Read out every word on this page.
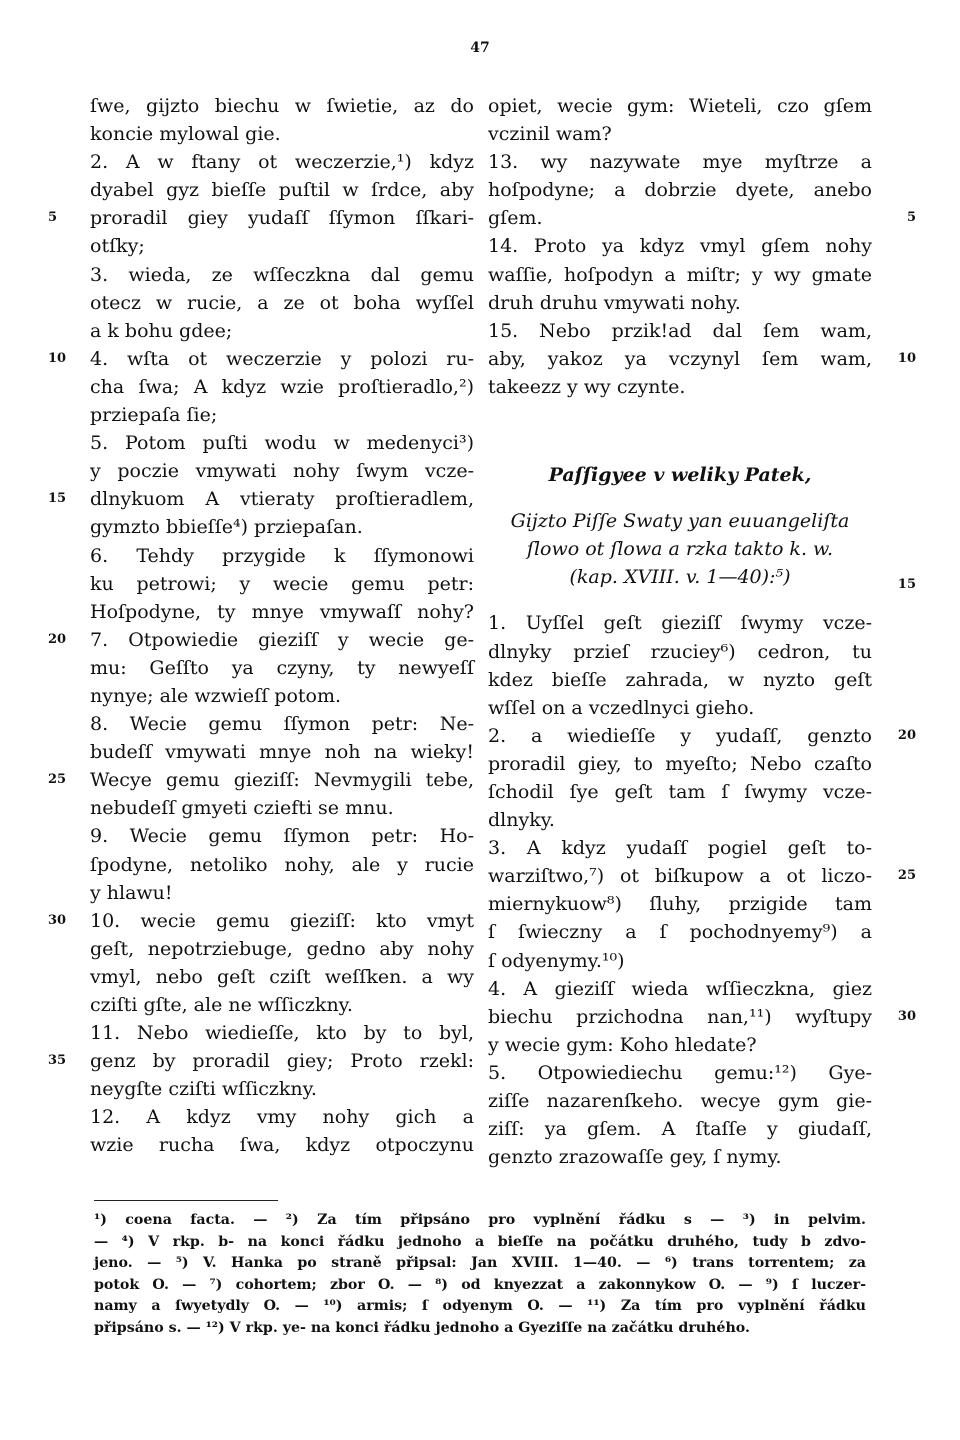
47
ſwe, gijzto biechu w ſwietie, az do
koncie mylowal gie.
2. A w ftany ot weczerzie,¹) kdyz
dyabel gyz bieſſe puſtil w ſrdce, aby
proradil giey yudaſſ ſſymon ſſkari-
5
otſky;
3. wieda, ze wſſeczkna dal gemu
otecz w rucie, a ze ot boha wyſſel
a k bohu gdee;
4. wſta ot weczerzie y polozi ru-
10
cha ſwa; A kdyz wzie proſtieradlo,²)
prziepaſa ſie;
5. Potom puſti wodu w medenyci³)
y poczie vmywati nohy ſwym vcze-
dlnykuom A vtieraty proſtieradlem,
15
gymzto bbieſſe⁴) prziepaſan.
6. Tehdy przygide k ſſymonowi
ku petrowi; y wecie gemu petr:
Hoſpodyne, ty mnye vmywaſſ nohy?
7. Otpowiedie gieziſſ y wecie ge-
20
mu: Geſſto ya czyny, ty newyeſſ
nynye; ale wzwieſſ potom.
8. Wecie gemu ſſymon petr: Ne-
budeſſ vmywati mnye noh na wieky!
Wecye gemu gieziſſ: Nevmygili tebe,
25
nebudeſſ gmyeti cziefti se mnu.
9. Wecie gemu ſſymon petr: Ho-
ſpodyne, netoliko nohy, ale y rucie
y hlawu!
10. wecie gemu gieziſſ: kto vmyt
30
geſt, nepotrziebuge, gedno aby nohy
vmyl, nebo geſt cziſt weſſken. a wy
cziſti gſte, ale ne wſſiczkny.
11. Nebo wiedieſſe, kto by to byl,
genz by proradil giey; Proto rzekl:
35
neygſte cziſti wſſiczkny.
12. A kdyz vmy nohy gich a
wzie rucha ſwa, kdyz otpoczynu
opiet, wecie gym: Wieteli, czo gſem
vczinil wam?
13. wy nazywate mye myſtrze a
hoſpodyne; a dobrzie dyete, anebo
gſem.	5
14. Proto ya kdyz vmyl gſem nohy
waſſie, hoſpodyn a miſtr; y wy gmate
druh druhu vmywati nohy.
15. Nebo przik!ad dal ſem wam,
aby, yakoz ya vczynyl ſem wam, 10
takeezz y wy czynte.
Paſſigyee v weliky Patek,
Gijzto Piſſe Swaty yan euuangeliſta
ſlowo ot ſlowa a rzka takto k. w.
(kap. XVIII. v. 1—40):⁵)	15
1. Uyſſel geſt gieziſſ ſwymy vcze-
dlnyky przieſ rzuciey⁶) cedron, tu
kdez bieſſe zahrada, w nyzto geſt
wſſel on a vczedlnyci gieho.
2. a wiedieſſe y yudaſſ, genzto 20
proradil giey, to myeſto; Nebo czaſto
ſchodil ſye geſt tam ſ ſwymy vcze-
dlnyky.
3. A kdyz yudaſſ pogiel geſt to-
warziſtwo,⁷) ot biſkupow a ot liczo- 25
miernykuow⁸) ſluhy, przigide tam
ſ ſwieczny a ſ pochodnyemy⁹) a
ſ odyenymy.¹⁰)
4. A gieziſſ wieda wſſieczkna, giez
biechu przichodna nan,¹¹) wyſtupy 30
y wecie gym: Koho hledate?
5. Otpowiediechu gemu:¹²) Gye-
ziſſe nazarenſkeho. wecye gym gie-
ziſſ: ya gſem. A ſtaſſe y giudaſſ,
genzto zrazowaſſe gey, ſ nymy.
¹) coena facta. — ²) Za tím připsáno pro vyplnění řádku s — ³) in pelvim.
— ⁴) V rkp. b- na konci řádku jednoho a bieſſe na počátku druhého, tudy b zdvo-
jeno. — ⁵) V. Hanka po straně připsal: Jan XVIII. 1—40. — ⁶) trans torrentem; za
potok O. — ⁷) cohortem; zbor O. — ⁸) od knyezzat a zakonnykow O. — ⁹) ſ luczer-
namy a ſwyetydly O. — ¹⁰) armis; ſ odyenym O. — ¹¹) Za tím pro vyplnění řádku
připsáno s. — ¹²) V rkp. ye- na konci řádku jednoho a Gyeziſſe na začátku druhého.
